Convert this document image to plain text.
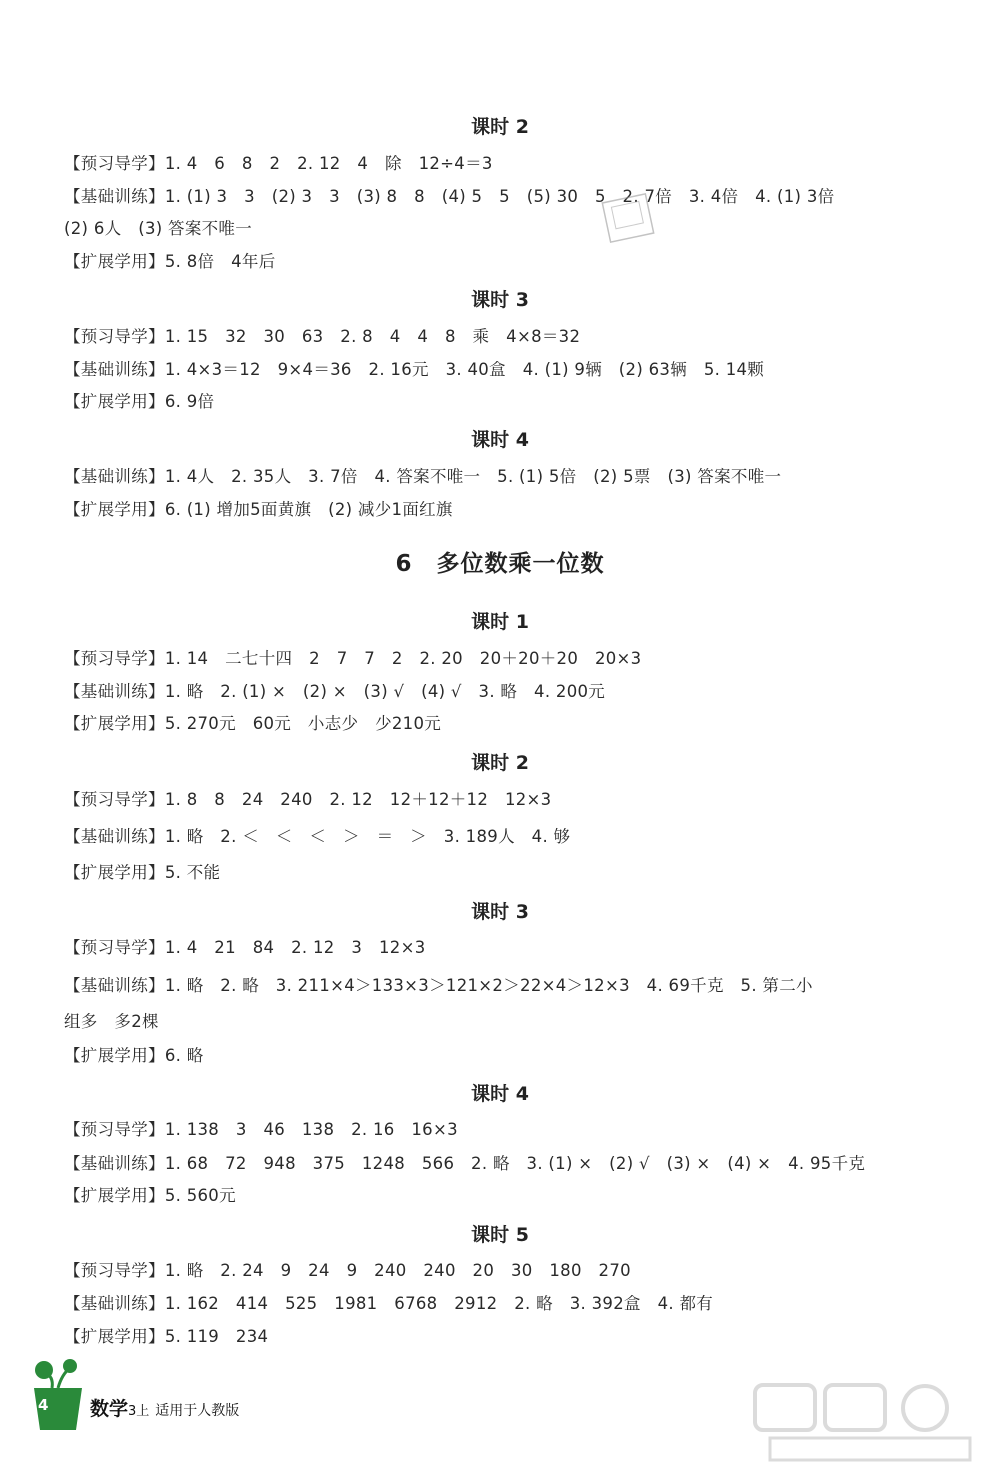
课时 2
【预习导学】1. 4　6　8　2　2. 12　4　除　12÷4＝3
【基础训练】1. (1) 3　3　(2) 3　3　(3) 8　8　(4) 5　5　(5) 30　5　2. 7倍　3. 4倍　4. (1) 3倍
(2) 6人　(3) 答案不唯一
【扩展学用】5. 8倍　4年后
课时 3
【预习导学】1. 15　32　30　63　2. 8　4　4　8　乘　4×8＝32
【基础训练】1. 4×3＝12　9×4＝36　2. 16元　3. 40盒　4. (1) 9辆　(2) 63辆　5. 14颗
【扩展学用】6. 9倍
课时 4
【基础训练】1. 4人　2. 35人　3. 7倍　4. 答案不唯一　5. (1) 5倍　(2) 5票　(3) 答案不唯一
【扩展学用】6. (1) 增加5面黄旗　(2) 减少1面红旗
6　多位数乘一位数
课时 1
【预习导学】1. 14　二七十四　2　7　7　2　2. 20　20＋20＋20　20×3
【基础训练】1. 略　2. (1) ×　(2) ×　(3) √　(4) √　3. 略　4. 200元
【扩展学用】5. 270元　60元　小志少　少210元
课时 2
【预习导学】1. 8　8　24　240　2. 12　12＋12＋12　12×3
【基础训练】1. 略　2. ＜　＜　＜　＞　＝　＞　3. 189人　4. 够
【扩展学用】5. 不能
课时 3
【预习导学】1. 4　21　84　2. 12　3　12×3
【基础训练】1. 略　2. 略　3. 211×4＞133×3＞121×2＞22×4＞12×3　4. 69千克　5. 第二小
组多　多2棵
【扩展学用】6. 略
课时 4
【预习导学】1. 138　3　46　138　2. 16　16×3
【基础训练】1. 68　72　948　375　1248　566　2. 略　3. (1) ×　(2) √　(3) ×　(4) ×　4. 95千克
【扩展学用】5. 560元
课时 5
【预习导学】1. 略　2. 24　9　24　9　240　240　20　30　180　270
【基础训练】1. 162　414　525　1981　6768　2912　2. 略　3. 392盒　4. 都有
【扩展学用】5. 119　234
4 数学3上 适用于人教版
